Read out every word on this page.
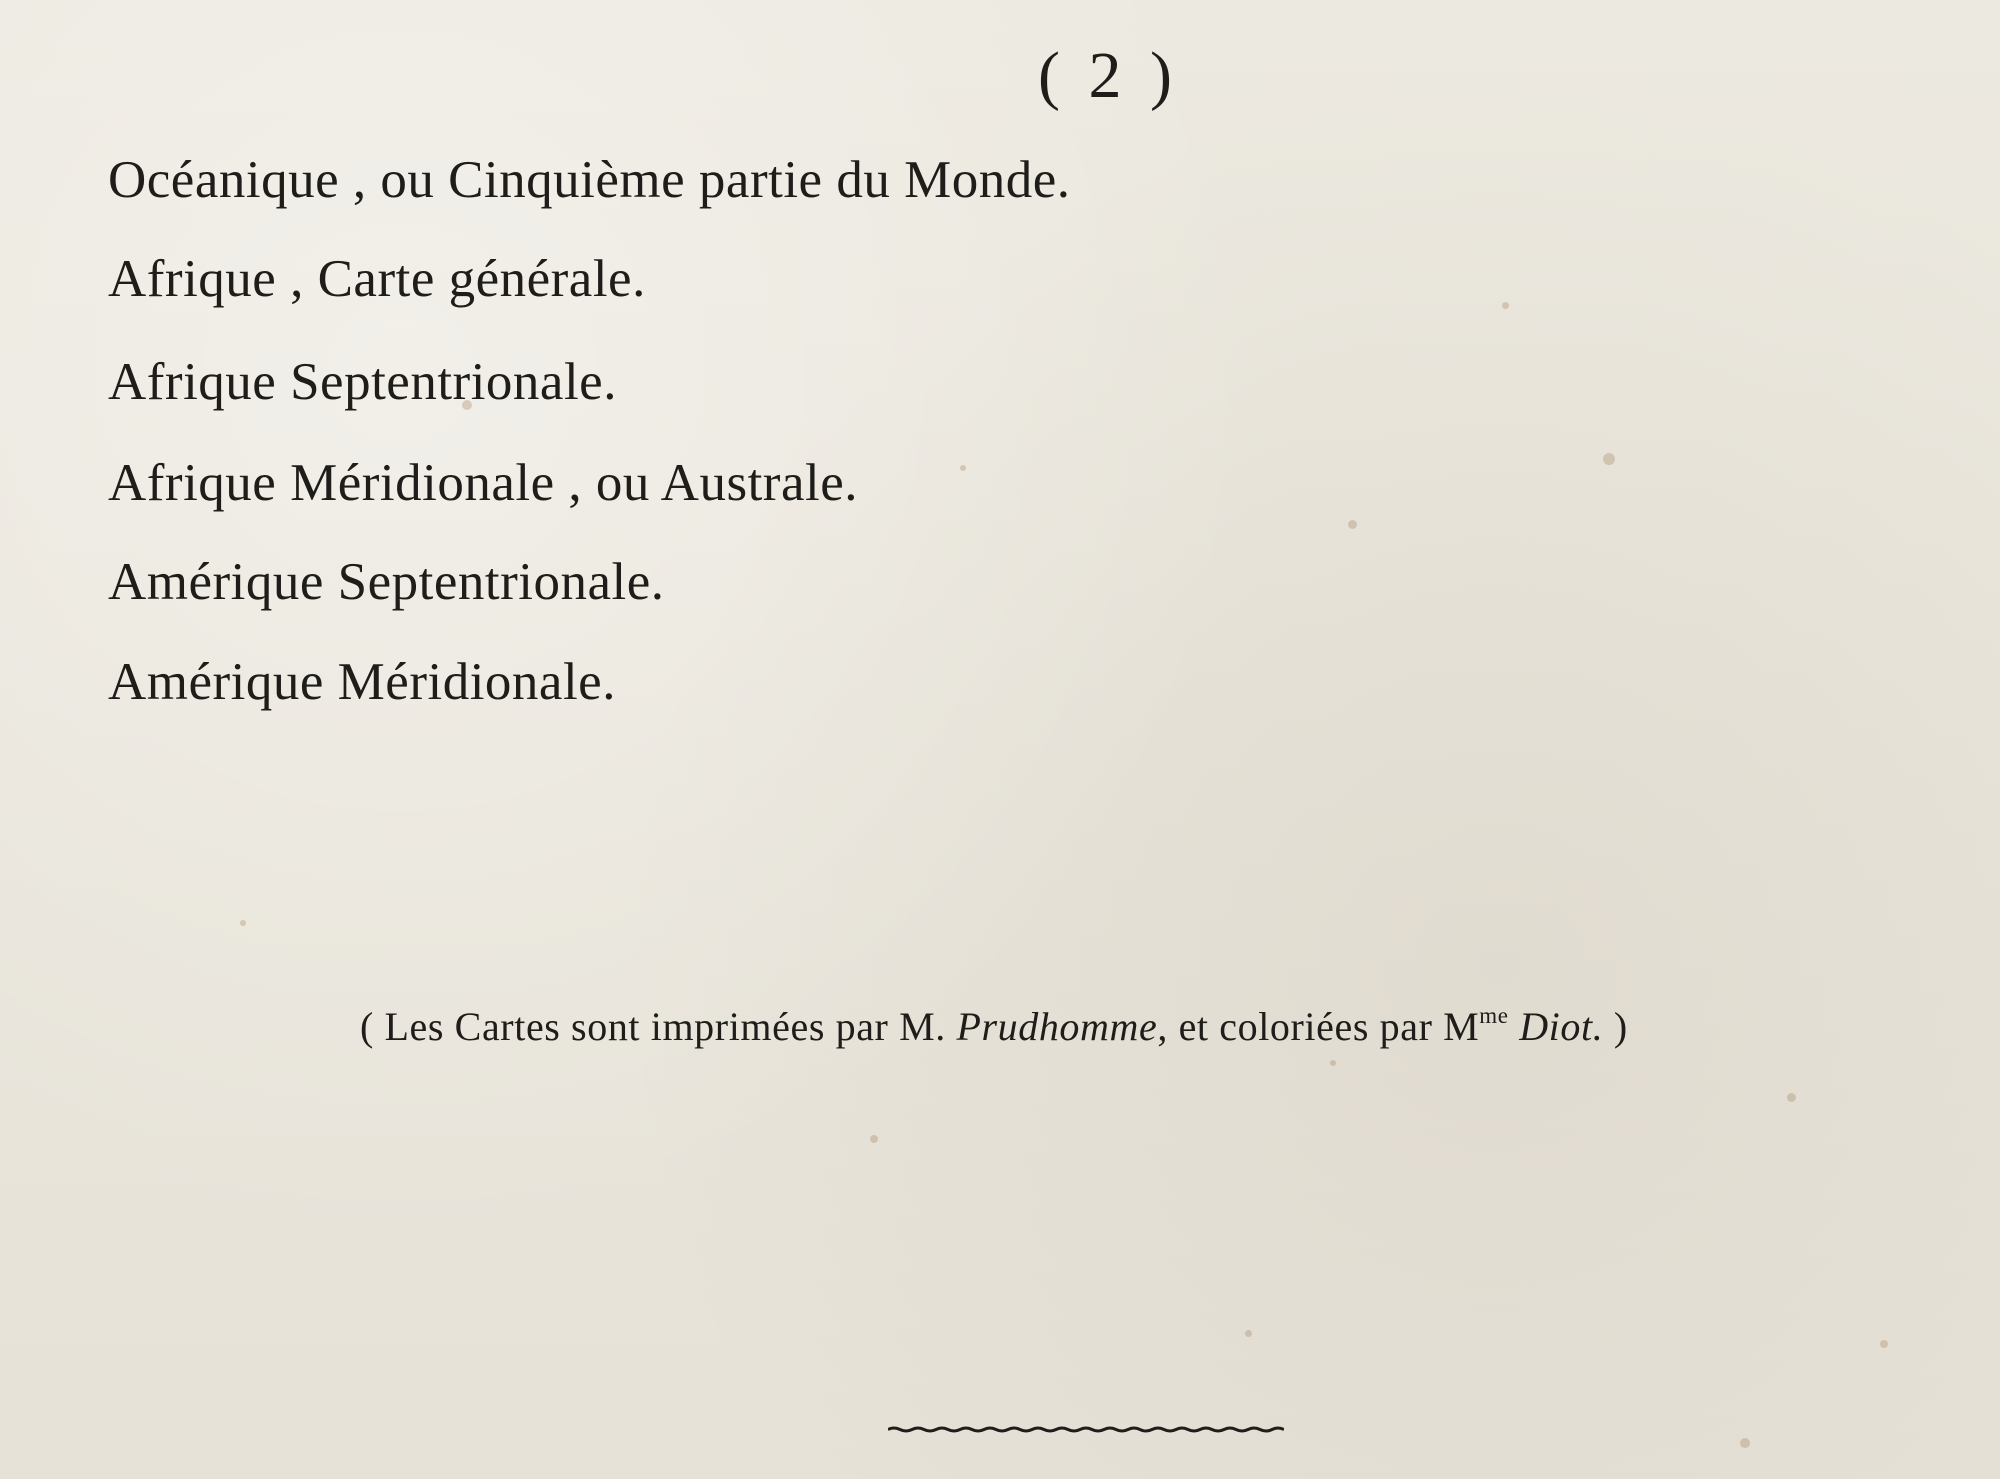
( 2 )
Océanique , ou Cinquième partie du Monde.
Afrique , Carte générale.
Afrique Septentrionale.
Afrique Méridionale , ou Australe.
Amérique Septentrionale.
Amérique Méridionale.
( Les Cartes sont imprimées par M. Prudhomme, et coloriées par $M^{me}$ Diot. )
